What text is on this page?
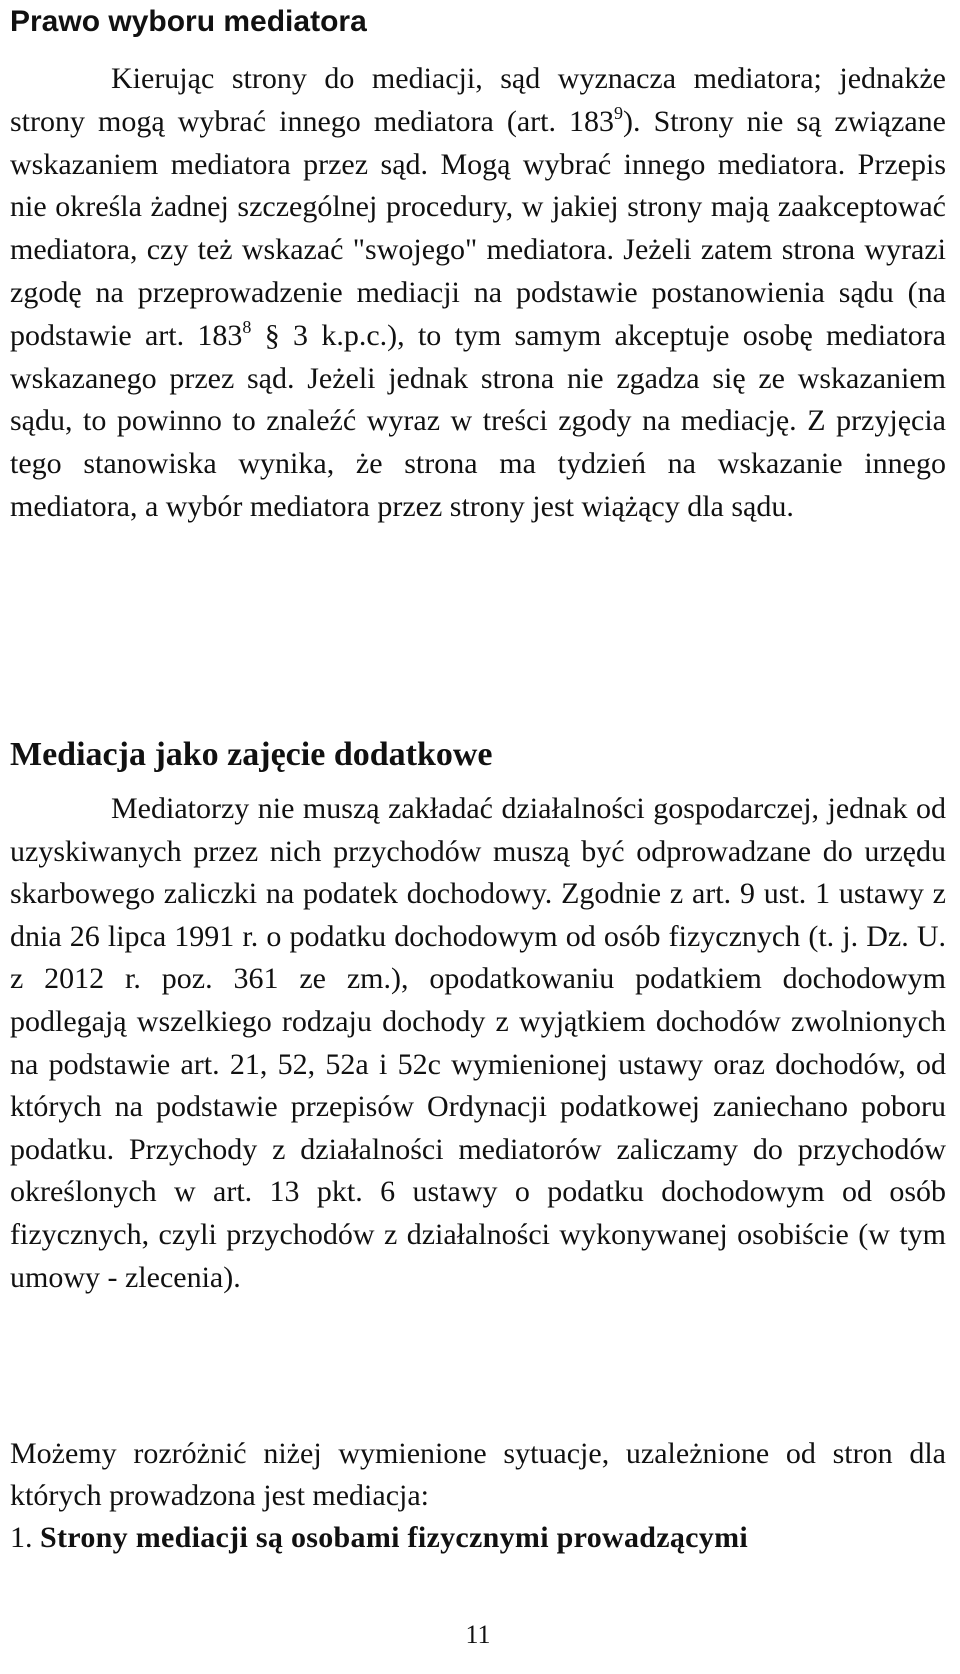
Prawo wyboru mediatora
Kierując strony do mediacji, sąd wyznacza mediatora; jednakże strony mogą wybrać innego mediatora (art. $183^9$). Strony nie są związane wskazaniem mediatora przez sąd. Mogą wybrać innego mediatora. Przepis nie określa żadnej szczególnej procedury, w jakiej strony mają zaakceptować mediatora, czy też wskazać "swojego" mediatora. Jeżeli zatem strona wyrazi zgodę na przeprowadzenie mediacji na podstawie postanowienia sądu (na podstawie art. $183^8$ § 3 k.p.c.), to tym samym akceptuje osobę mediatora wskazanego przez sąd. Jeżeli jednak strona nie zgadza się ze wskazaniem sądu, to powinno to znaleźć wyraz w treści zgody na mediację. Z przyjęcia tego stanowiska wynika, że strona ma tydzień na wskazanie innego mediatora, a wybór mediatora przez strony jest wiążący dla sądu.
Mediacja jako zajęcie dodatkowe
Mediatorzy nie muszą zakładać działalności gospodarczej, jednak od uzyskiwanych przez nich przychodów muszą być odprowadzane do urzędu skarbowego zaliczki na podatek dochodowy. Zgodnie z art. 9 ust. 1 ustawy z dnia 26 lipca 1991 r. o podatku dochodowym od osób fizycznych (t. j. Dz. U. z 2012 r. poz. 361 ze zm.), opodatkowaniu podatkiem dochodowym podlegają wszelkiego rodzaju dochody z wyjątkiem dochodów zwolnionych na podstawie art. 21, 52, 52a i 52c wymienionej ustawy oraz dochodów, od których na podstawie przepisów Ordynacji podatkowej zaniechano poboru podatku. Przychody z działalności mediatorów zaliczamy do przychodów określonych w art. 13 pkt. 6 ustawy o podatku dochodowym od osób fizycznych, czyli przychodów z działalności wykonywanej osobiście (w tym umowy - zlecenia).
Możemy rozróżnić niżej wymienione sytuacje, uzależnione od stron dla których prowadzona jest mediacja:
1. Strony mediacji są osobami fizycznymi prowadzącymi
11
